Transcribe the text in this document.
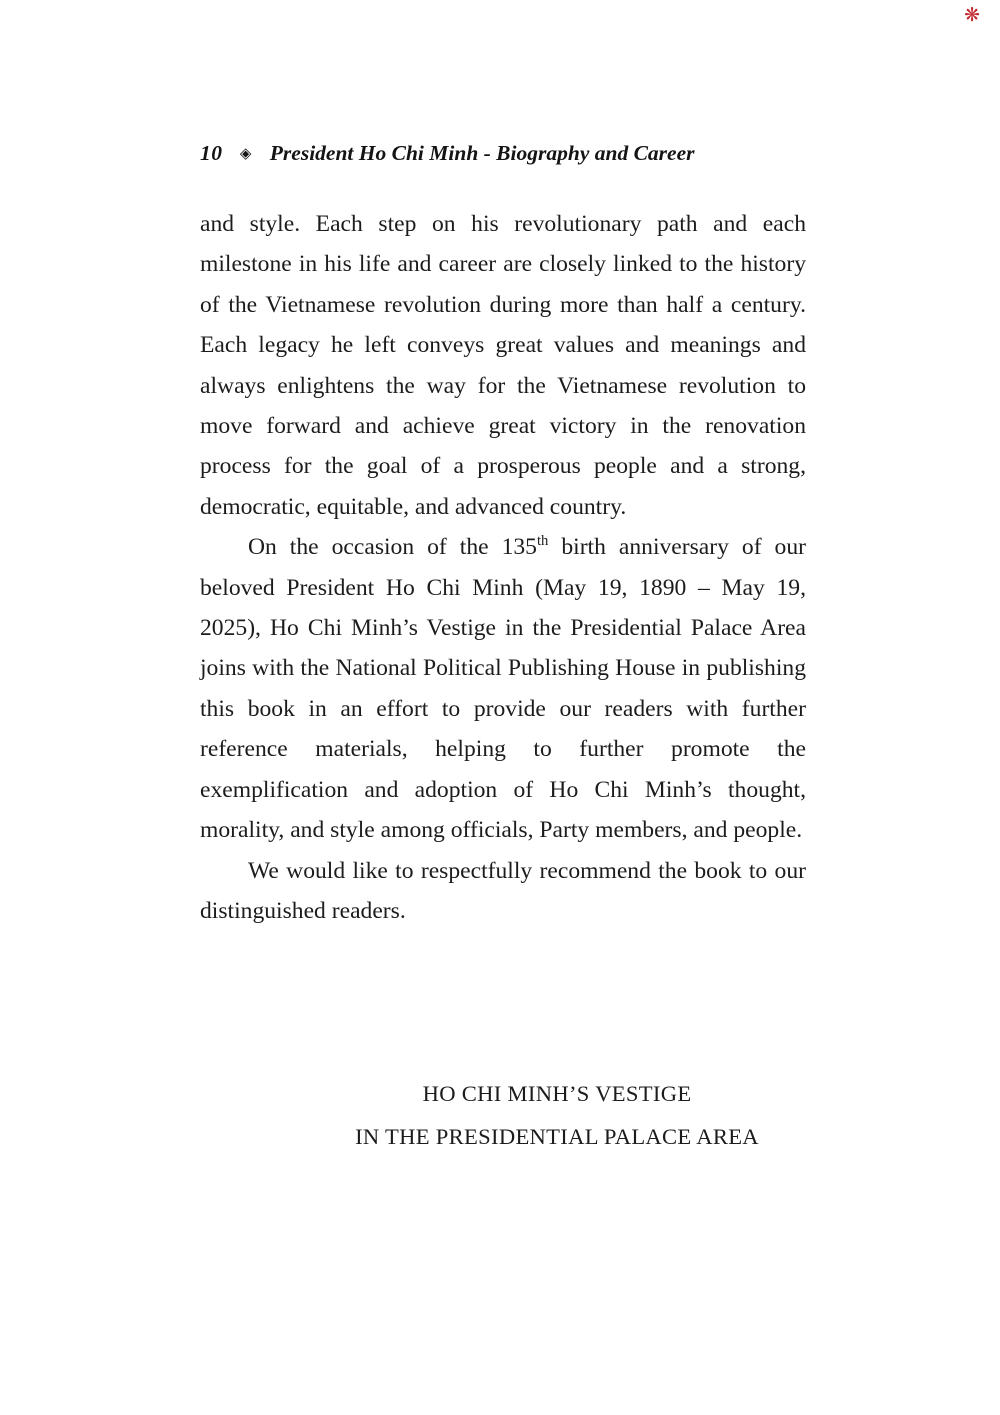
❋
10 ◈ President Ho Chi Minh - Biography and Career

and style. Each step on his revolutionary path and each milestone in his life and career are closely linked to the history of the Vietnamese revolution during more than half a century. Each legacy he left conveys great values and meanings and always enlightens the way for the Vietnamese revolution to move forward and achieve great victory in the renovation process for the goal of a prosperous people and a strong, democratic, equitable, and advanced country.

On the occasion of the 135th birth anniversary of our beloved President Ho Chi Minh (May 19, 1890 – May 19, 2025), Ho Chi Minh’s Vestige in the Presidential Palace Area joins with the National Political Publishing House in publishing this book in an effort to provide our readers with further reference materials, helping to further promote the exemplification and adoption of Ho Chi Minh’s thought, morality, and style among officials, Party members, and people.

We would like to respectfully recommend the book to our distinguished readers.

HO CHI MINH’S VESTIGE
IN THE PRESIDENTIAL PALACE AREA
